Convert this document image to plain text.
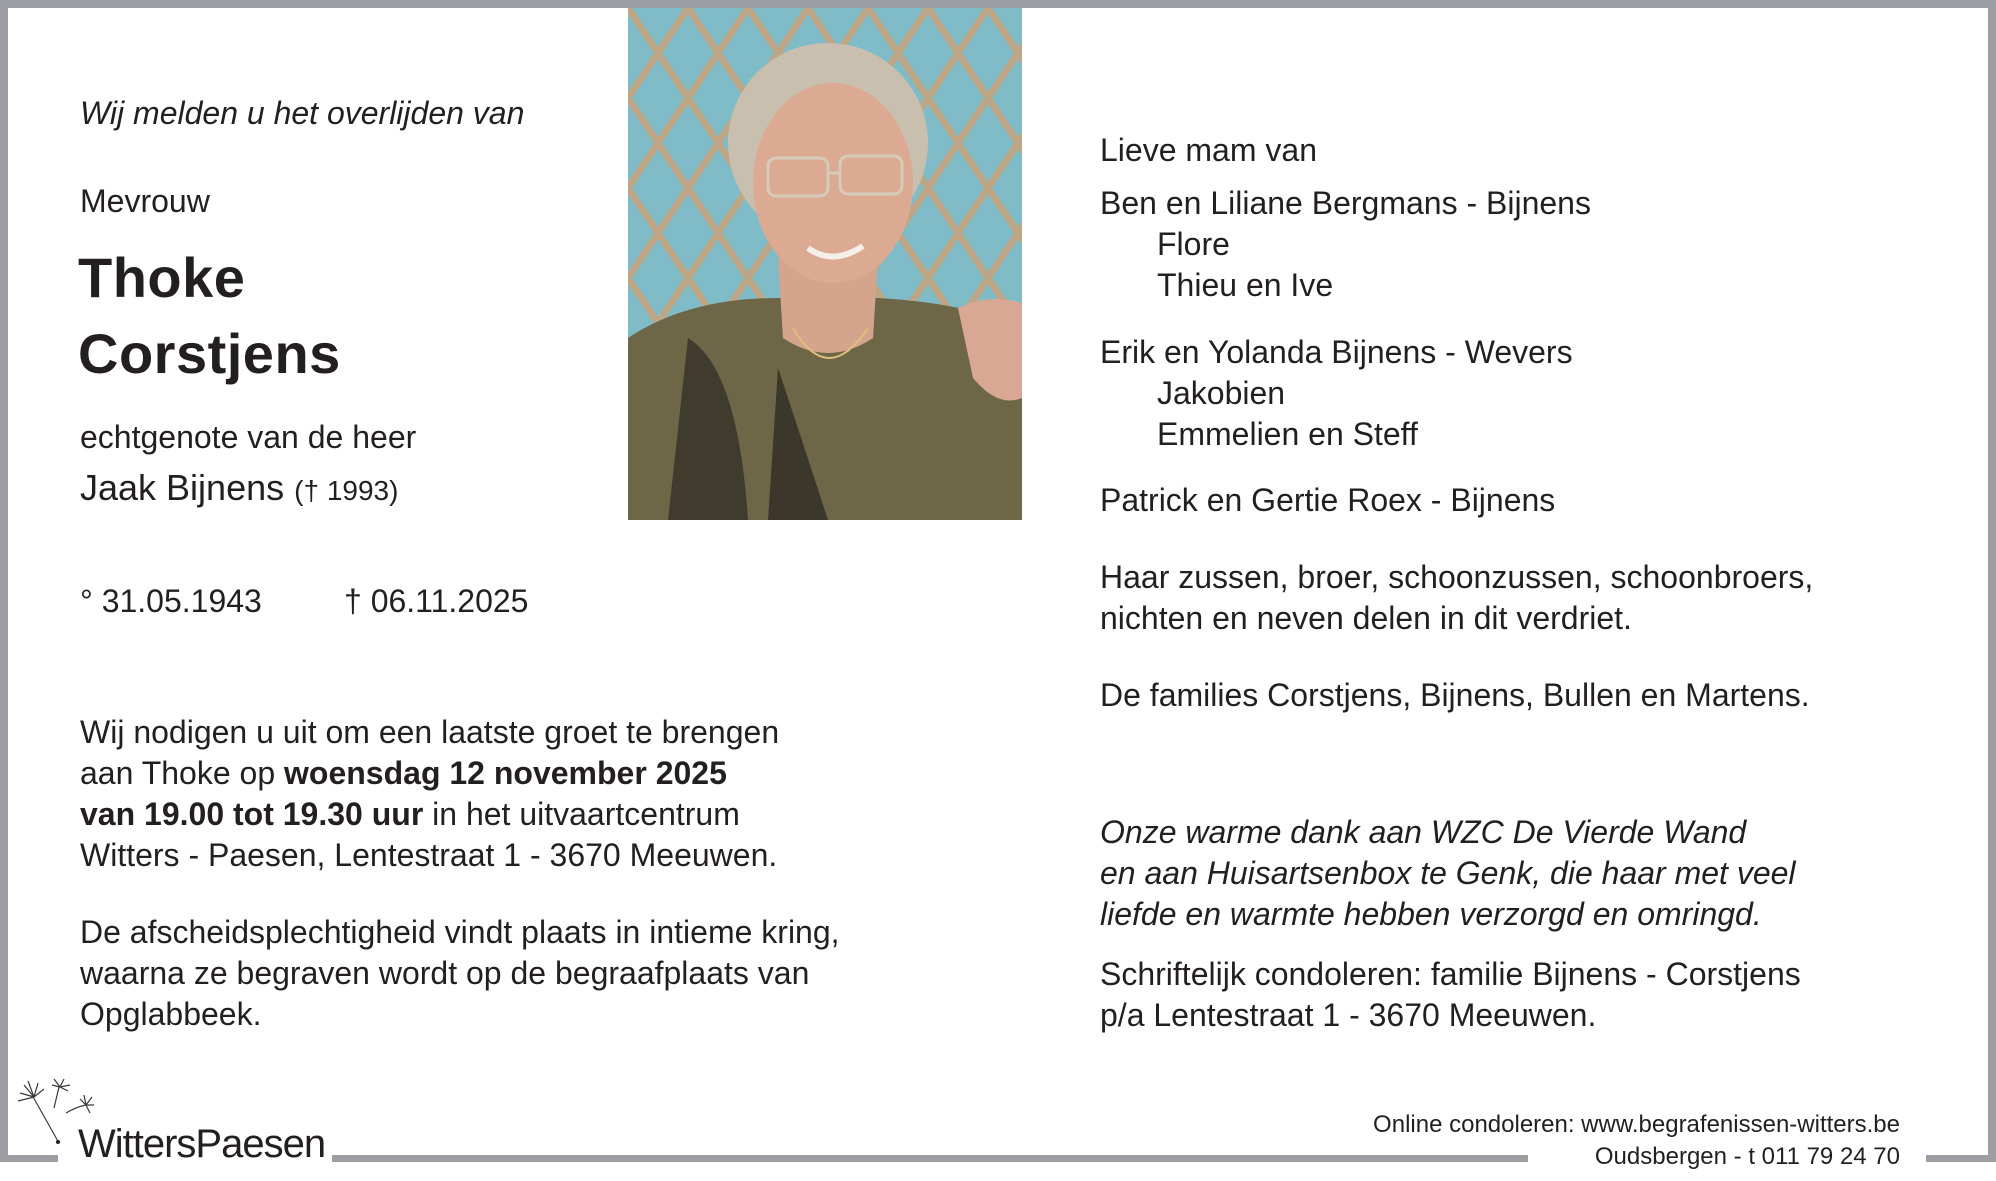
Wij melden u het overlijden van
Mevrouw
Thoke
Corstjens
echtgenote van de heer
Jaak Bijnens († 1993)
° 31.05.1943	† 06.11.2025
Wij nodigen u uit om een laatste groet te brengen
aan Thoke op woensdag 12 november 2025
van 19.00 tot 19.30 uur in het uitvaartcentrum
Witters - Paesen, Lentestraat 1 - 3670 Meeuwen.
De afscheidsplechtigheid vindt plaats in intieme kring,
waarna ze begraven wordt op de begraafplaats van
Opglabbeek.
Lieve mam van
Ben en Liliane Bergmans - Bijnens
Flore
Thieu en Ive
Erik en Yolanda Bijnens - Wevers
Jakobien
Emmelien en Steff
Patrick en Gertie Roex - Bijnens
Haar zussen, broer, schoonzussen, schoonbroers,
nichten en neven delen in dit verdriet.
De families Corstjens, Bijnens, Bullen en Martens.
Onze warme dank aan WZC De Vierde Wand
en aan Huisartsenbox te Genk, die haar met veel
liefde en warmte hebben verzorgd en omringd.
Schriftelijk condoleren: familie Bijnens - Corstjens
p/a Lentestraat 1 - 3670 Meeuwen.
WittersPaesen	Online condoleren: www.begrafenissen-witters.be
Oudsbergen - t 011 79 24 70
